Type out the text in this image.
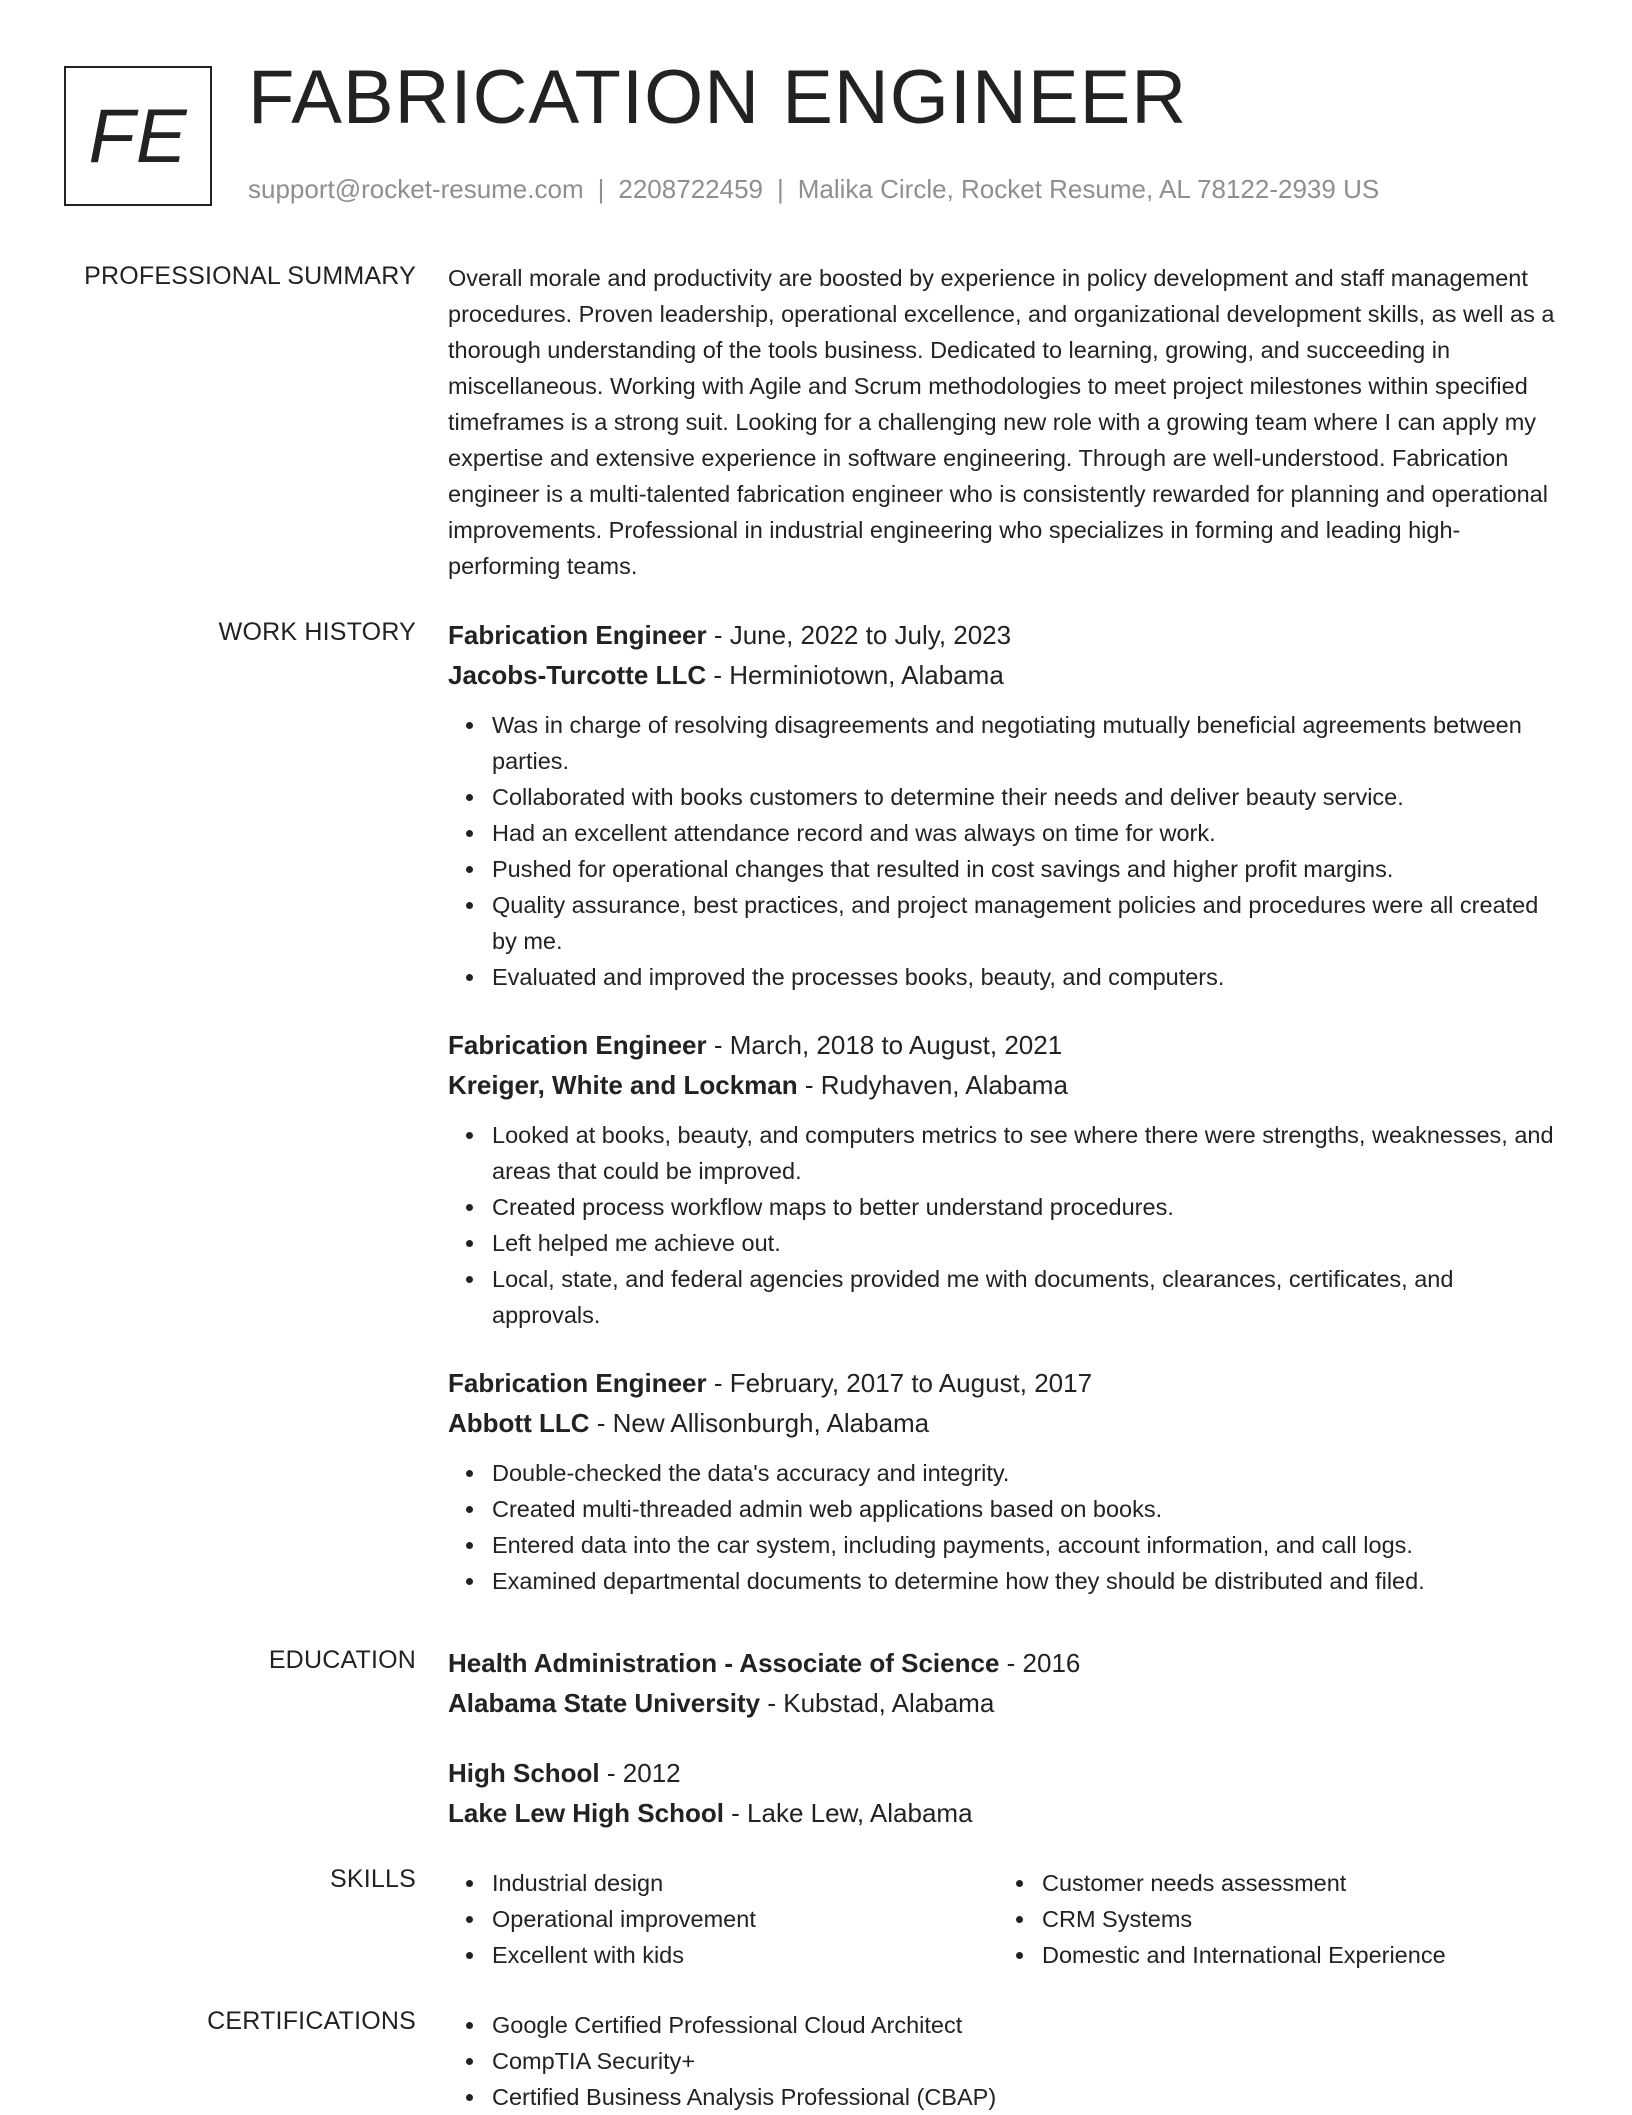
FE FABRICATION ENGINEER
support@rocket-resume.com | 2208722459 | Malika Circle, Rocket Resume, AL 78122-2939 US
PROFESSIONAL SUMMARY Overall morale and productivity are boosted by experience in policy development and staff management procedures. Proven leadership, operational excellence, and organizational development skills, as well as a thorough understanding of the tools business. Dedicated to learning, growing, and succeeding in miscellaneous. Working with Agile and Scrum methodologies to meet project milestones within specified timeframes is a strong suit. Looking for a challenging new role with a growing team where I can apply my expertise and extensive experience in software engineering. Through are well-understood. Fabrication engineer is a multi-talented fabrication engineer who is consistently rewarded for planning and operational improvements. Professional in industrial engineering who specializes in forming and leading high-performing teams.
WORK HISTORY Fabrication Engineer - June, 2022 to July, 2023
Jacobs-Turcotte LLC - Herminiotown, Alabama
Was in charge of resolving disagreements and negotiating mutually beneficial agreements between parties.
Collaborated with books customers to determine their needs and deliver beauty service.
Had an excellent attendance record and was always on time for work.
Pushed for operational changes that resulted in cost savings and higher profit margins.
Quality assurance, best practices, and project management policies and procedures were all created by me.
Evaluated and improved the processes books, beauty, and computers.
Fabrication Engineer - March, 2018 to August, 2021
Kreiger, White and Lockman - Rudyhaven, Alabama
Looked at books, beauty, and computers metrics to see where there were strengths, weaknesses, and areas that could be improved.
Created process workflow maps to better understand procedures.
Left helped me achieve out.
Local, state, and federal agencies provided me with documents, clearances, certificates, and approvals.
Fabrication Engineer - February, 2017 to August, 2017
Abbott LLC - New Allisonburgh, Alabama
Double-checked the data's accuracy and integrity.
Created multi-threaded admin web applications based on books.
Entered data into the car system, including payments, account information, and call logs.
Examined departmental documents to determine how they should be distributed and filed.
EDUCATION Health Administration - Associate of Science - 2016
Alabama State University - Kubstad, Alabama
High School - 2012
Lake Lew High School - Lake Lew, Alabama
SKILLS	Industrial design
Operational improvement
Excellent with kids
Customer needs assessment
CRM Systems
Domestic and International Experience
CERTIFICATIONS	Google Certified Professional Cloud Architect
CompTIA Security+
Certified Business Analysis Professional (CBAP)
